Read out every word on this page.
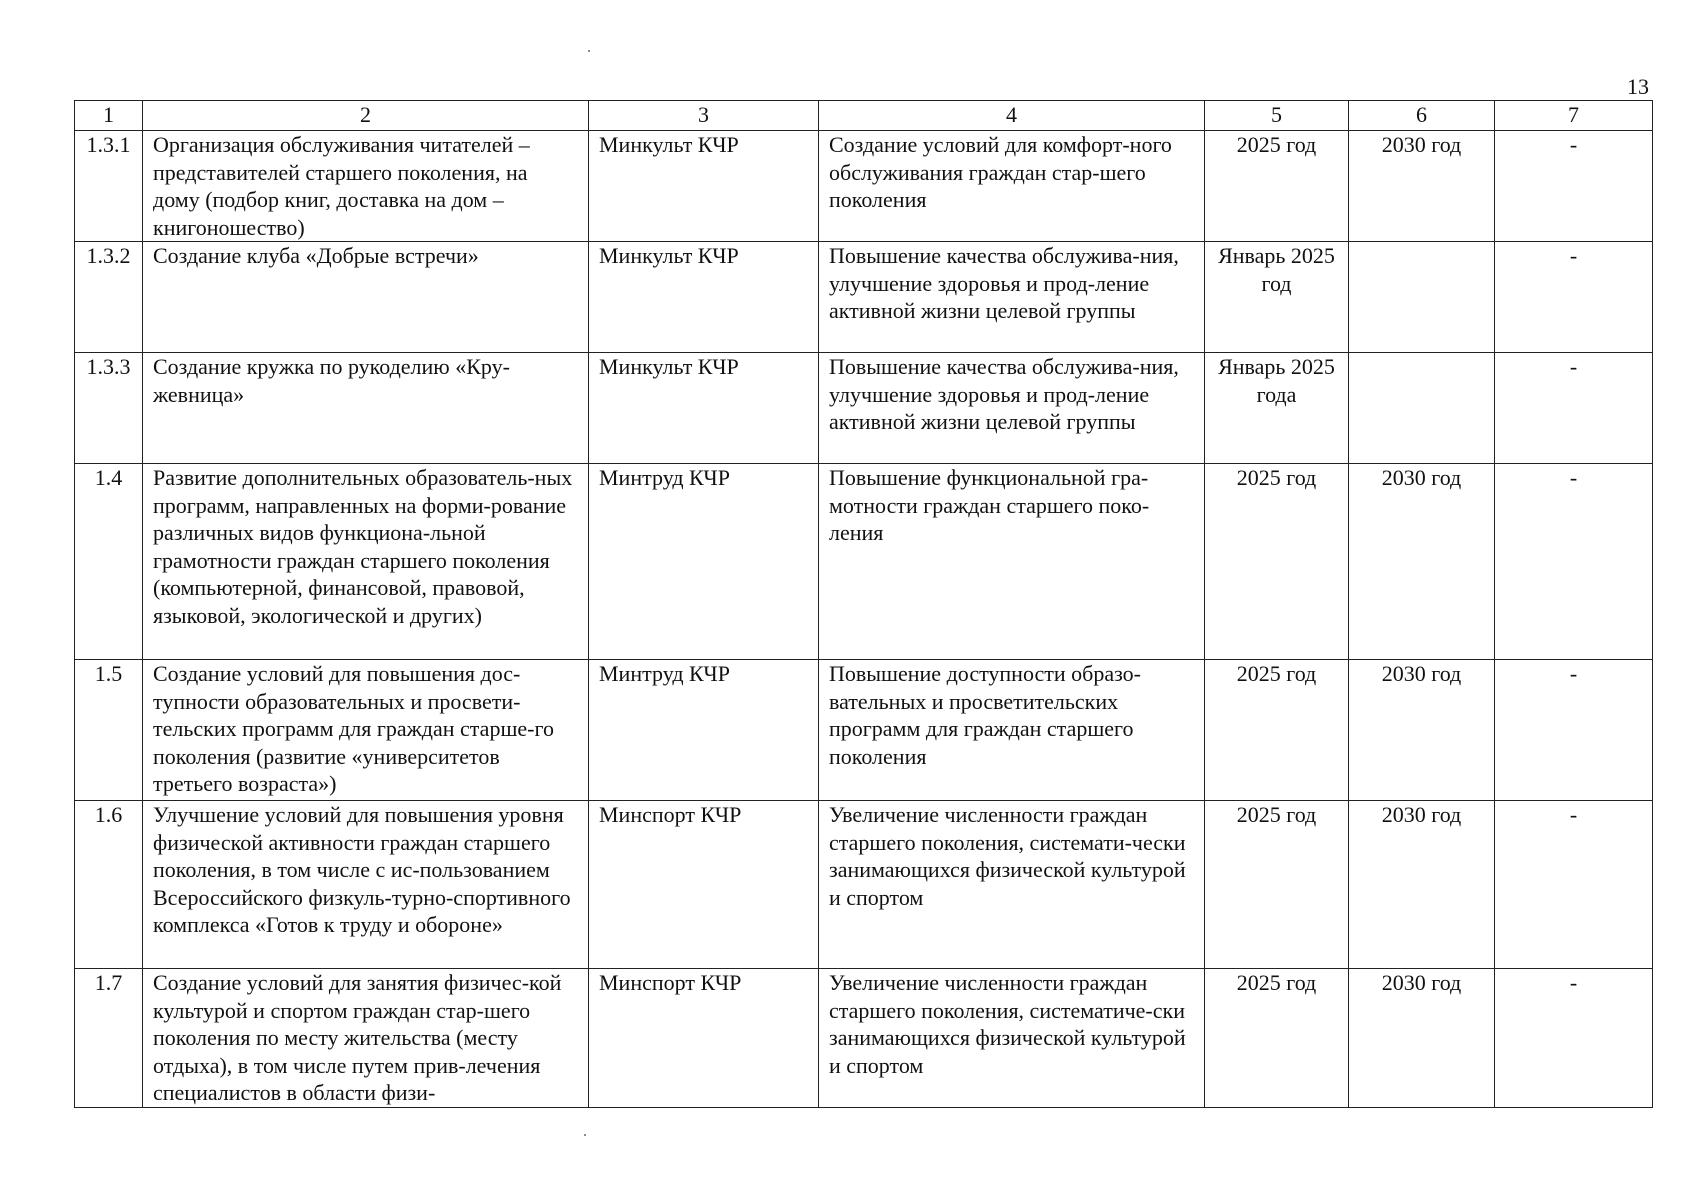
13
1	2	3	4	5	6	7
1.3.1	Организация обслуживания читателей – представителей старшего поколения, на дому (подбор книг, доставка на дом – книгоношество)	Минкульт КЧР	Создание условий для комфорт-ного обслуживания граждан стар-шего поколения	2025 год	2030 год	-
1.3.2	Создание клуба «Добрые встречи»	Минкульт КЧР	Повышение качества обслужива-ния, улучшение здоровья и прод-ление активной жизни целевой группы	Январь 2025 год		-
1.3.3	Создание кружка по рукоделию «Кру-жевница»	Минкульт КЧР	Повышение качества обслужива-ния, улучшение здоровья и прод-ление активной жизни целевой группы	Январь 2025 года		-
1.4	Развитие дополнительных образователь-ных программ, направленных на форми-рование различных видов функциона-льной грамотности граждан старшего поколения (компьютерной, финансовой, правовой, языковой, экологической и других)	Минтруд КЧР	Повышение функциональной гра-мотности граждан старшего поко-ления	2025 год	2030 год	-
1.5	Создание условий для повышения дос-тупности образовательных и просвети-тельских программ для граждан старше-го поколения (развитие «университетов третьего возраста»)	Минтруд КЧР	Повышение доступности образо-вательных и просветительских программ для граждан старшего поколения	2025 год	2030 год	-
1.6	Улучшение условий для повышения уровня физической активности граждан старшего поколения, в том числе с ис-пользованием Всероссийского физкуль-турно-спортивного комплекса «Готов к труду и обороне»	Минспорт КЧР	Увеличение численности граждан старшего поколения, системати-чески занимающихся физической культурой и спортом	2025 год	2030 год	-
1.7	Создание условий для занятия физичес-кой культурой и спортом граждан стар-шего поколения по месту жительства (месту отдыха), в том числе путем прив-лечения специалистов в области физи-	Минспорт КЧР	Увеличение численности граждан старшего поколения, систематиче-ски занимающихся физической культурой и спортом	2025 год	2030 год	-
